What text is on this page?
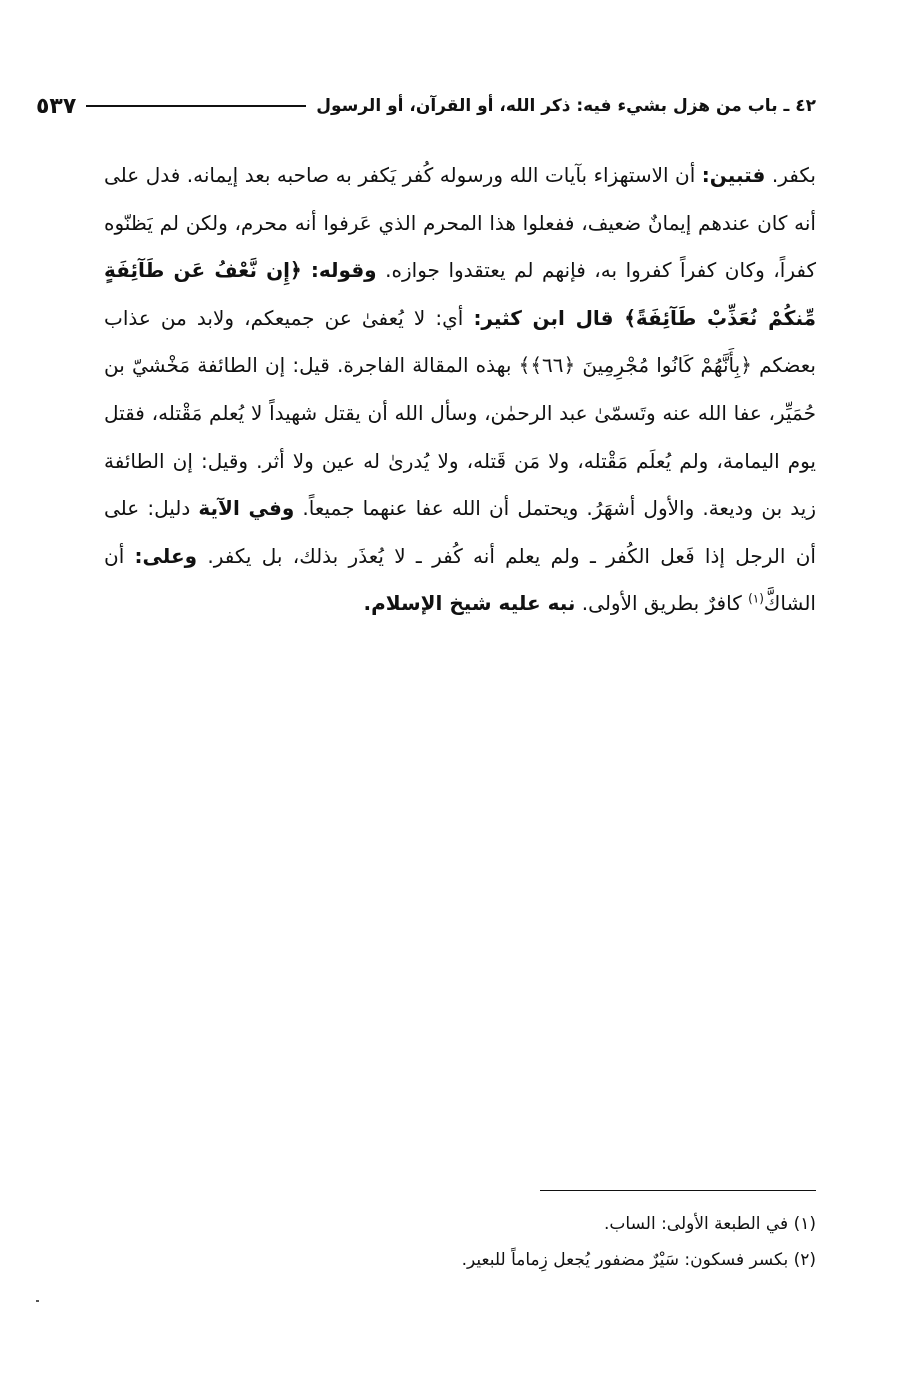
٤٢ ـ باب من هزل بشيء فيه: ذكر الله، أو القرآن، أو الرسول
٥٣٧
بكفر. فتبين: أن الاستهزاء بآيات الله ورسوله كُفر يَكفر به صاحبه بعد إيمانه. فدل على أنه كان عندهم إيمانٌ ضعيف، ففعلوا هذا المحرم الذي عَرفوا أنه محرم، ولكن لم يَظنّوه كفراً، وكان كفراً كفروا به، فإنهم لم يعتقدوا جوازه. وقوله: ﴿إِن نَّعْفُ عَن طَآئِفَةٍ مِّنكُمْ نُعَذِّبْ طَآئِفَةً﴾ قال ابن كثير: أي: لا يُعفىٰ عن جميعكم، ولابد من عذاب بعضكم ﴿بِأَنَّهُمْ كَانُوا مُجْرِمِينَ ﴿٦٦﴾﴾ بهذه المقالة الفاجرة. قيل: إن الطائفة مَخْشيّ بن حُمَيِّر، عفا الله عنه وتَسمّىٰ عبد الرحمٰن، وسأل الله أن يقتل شهيداً لا يُعلم مَقْتله، فقتل يوم اليمامة، ولم يُعلَم مَقْتله، ولا مَن قَتله، ولا يُدرىٰ له عين ولا أثر. وقيل: إن الطائفة زيد بن وديعة. والأول أشهَرُ. ويحتمل أن الله عفا عنهما جميعاً. وفي الآية دليل: على أن الرجل إذا فَعل الكُفر ـ ولم يعلم أنه كُفر ـ لا يُعذَر بذلك، بل يكفر. وعلى: أن الشاكَّ$^{(١)}$ كافرٌ بطريق الأولى. نبه عليه شيخ الإسلام.
(١) في الطبعة الأولى: الساب.
(٢) بكسر فسكون: سَيْرٌ مضفور يُجعل زِماماً للبعير.
